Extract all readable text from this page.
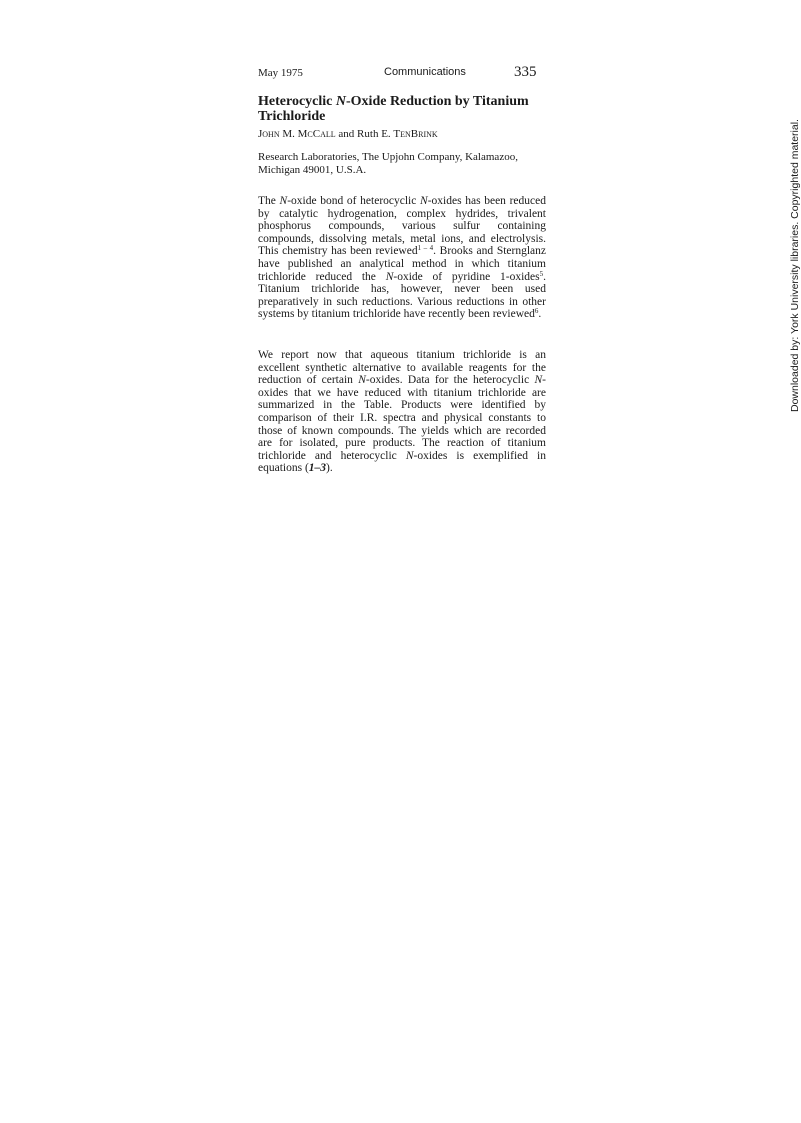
May 1975	Communications	335
Heterocyclic N-Oxide Reduction by Titanium Trichloride

John M. McCall and Ruth E. TenBrink

Research Laboratories, The Upjohn Company, Kalamazoo, Michigan 49001, U.S.A.

The N-oxide bond of heterocyclic N-oxides has been reduced by catalytic hydrogenation, complex hydrides, trivalent phosphorus compounds, various sulfur containing compounds, dissolving metals, metal ions, and electrolysis. This chemistry has been reviewed$^{1 - 4}$. Brooks and Sternglanz have published an analytical method in which titanium trichloride reduced the N-oxide of pyridine 1-oxides$^5$. Titanium trichloride has, however, never been used preparatively in such reductions. Various reductions in other systems by titanium trichloride have recently been reviewed$^6$.

We report now that aqueous titanium trichloride is an excellent synthetic alternative to available reagents for the reduction of certain N-oxides. Data for the heterocyclic N-oxides that we have reduced with titanium trichloride are summarized in the Table. Products were identified by comparison of their I.R. spectra and physical constants to those of known compounds. The yields which are recorded are for isolated, pure products. The reaction of titanium trichloride and heterocyclic N-oxides is exemplified in equations (1–3).

Downloaded by: York University libraries. Copyrighted material.
